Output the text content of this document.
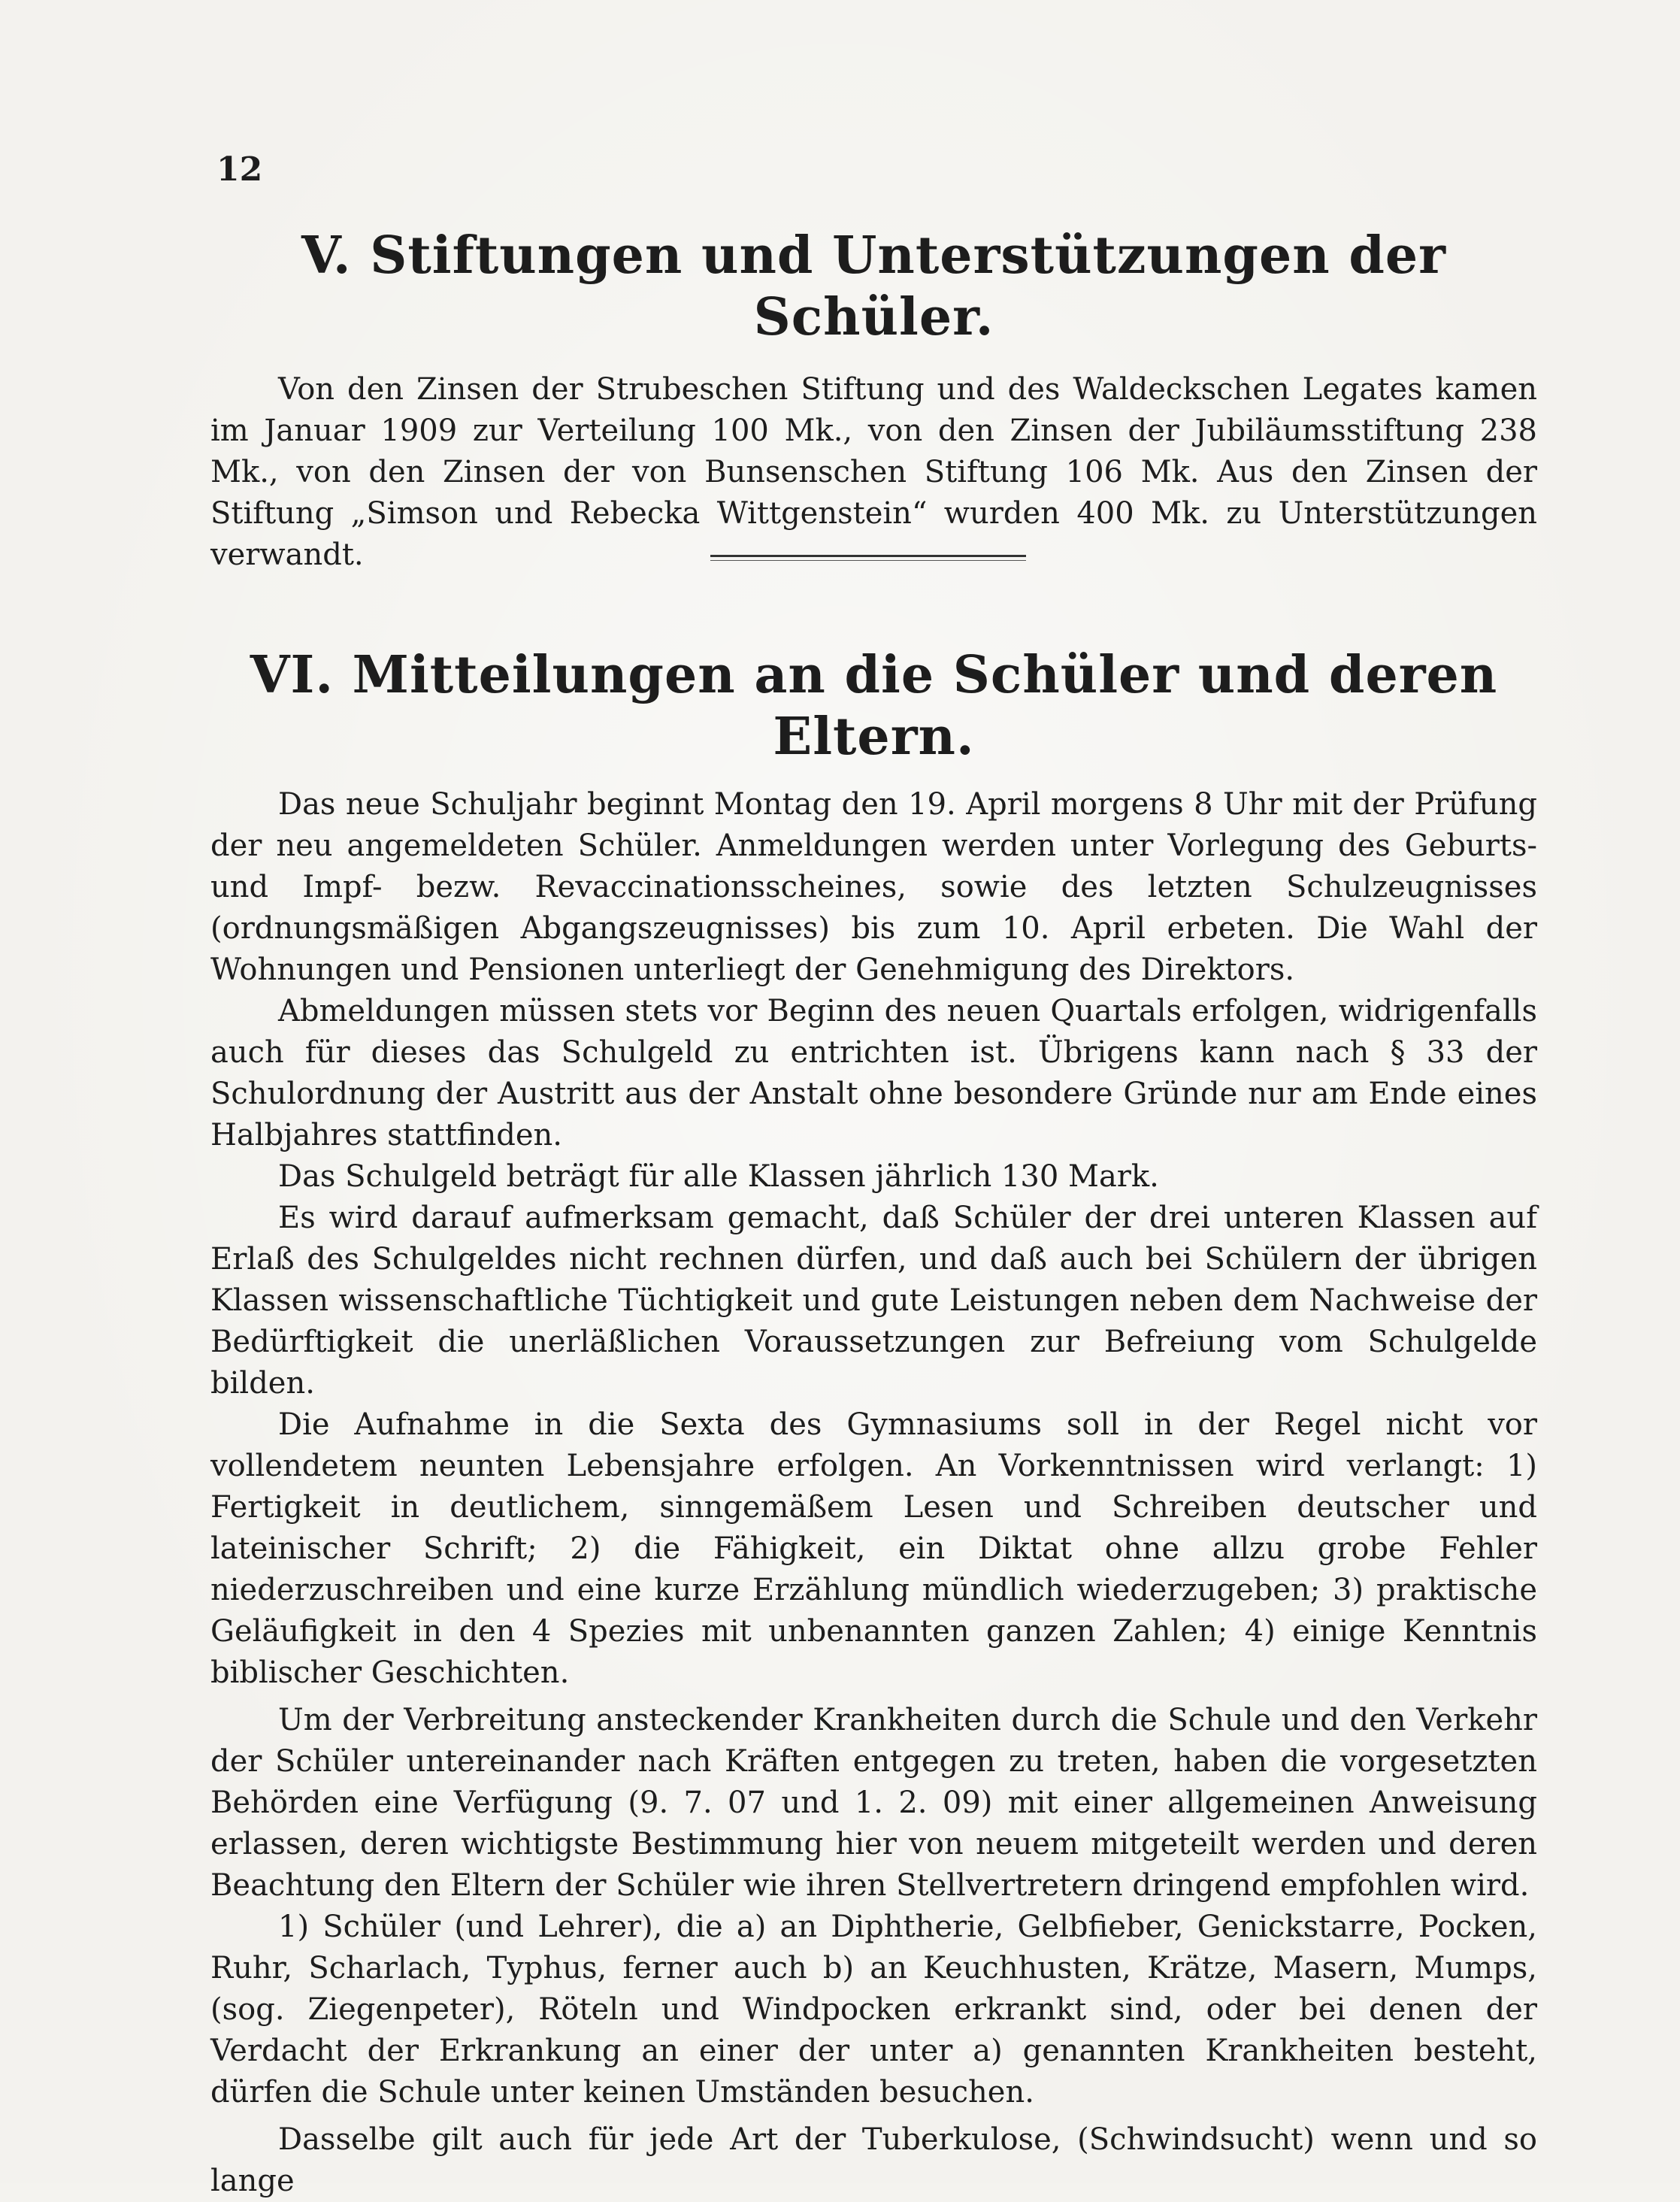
12
V. Stiftungen und Unterstützungen der Schüler.

Von den Zinsen der Strubeschen Stiftung und des Waldeckschen Legates kamen im Januar 1909 zur Verteilung 100 Mk., von den Zinsen der Jubiläumsstiftung 238 Mk., von den Zinsen der von Bunsenschen Stiftung 106 Mk. Aus den Zinsen der Stiftung „Simson und Rebecka Wittgenstein“ wurden 400 Mk. zu Unterstützungen verwandt.

VI. Mitteilungen an die Schüler und deren Eltern.

Das neue Schuljahr beginnt Montag den 19. April morgens 8 Uhr mit der Prüfung der neu angemeldeten Schüler. Anmeldungen werden unter Vorlegung des Geburts- und Impf- bezw. Revaccinationsscheines, sowie des letzten Schulzeugnisses (ordnungsmäßigen Abgangszeugnisses) bis zum 10. April erbeten. Die Wahl der Wohnungen und Pensionen unterliegt der Genehmigung des Direktors.

Abmeldungen müssen stets vor Beginn des neuen Quartals erfolgen, widrigenfalls auch für dieses das Schulgeld zu entrichten ist. Übrigens kann nach § 33 der Schulordnung der Austritt aus der Anstalt ohne besondere Gründe nur am Ende eines Halbjahres stattfinden.

Das Schulgeld beträgt für alle Klassen jährlich 130 Mark.

Es wird darauf aufmerksam gemacht, daß Schüler der drei unteren Klassen auf Erlaß des Schulgeldes nicht rechnen dürfen, und daß auch bei Schülern der übrigen Klassen wissenschaftliche Tüchtigkeit und gute Leistungen neben dem Nachweise der Bedürftigkeit die unerläßlichen Voraussetzungen zur Befreiung vom Schulgelde bilden.

Die Aufnahme in die Sexta des Gymnasiums soll in der Regel nicht vor vollendetem neunten Lebensjahre erfolgen. An Vorkenntnissen wird verlangt: 1) Fertigkeit in deutlichem, sinngemäßem Lesen und Schreiben deutscher und lateinischer Schrift; 2) die Fähigkeit, ein Diktat ohne allzu grobe Fehler niederzuschreiben und eine kurze Erzählung mündlich wiederzugeben; 3) praktische Geläufigkeit in den 4 Spezies mit unbenannten ganzen Zahlen; 4) einige Kenntnis biblischer Geschichten.

Um der Verbreitung ansteckender Krankheiten durch die Schule und den Verkehr der Schüler untereinander nach Kräften entgegen zu treten, haben die vorgesetzten Behörden eine Verfügung (9. 7. 07 und 1. 2. 09) mit einer allgemeinen Anweisung erlassen, deren wichtigste Bestimmung hier von neuem mitgeteilt werden und deren Beachtung den Eltern der Schüler wie ihren Stellvertretern dringend empfohlen wird.

1) Schüler (und Lehrer), die a) an Diphtherie, Gelbfieber, Genickstarre, Pocken, Ruhr, Scharlach, Typhus, ferner auch b) an Keuchhusten, Krätze, Masern, Mumps, (sog. Ziegenpeter), Röteln und Windpocken erkrankt sind, oder bei denen der Verdacht der Erkrankung an einer der unter a) genannten Krankheiten besteht, dürfen die Schule unter keinen Umständen besuchen.

Dasselbe gilt auch für jede Art der Tuberkulose, (Schwindsucht) wenn und so lange
